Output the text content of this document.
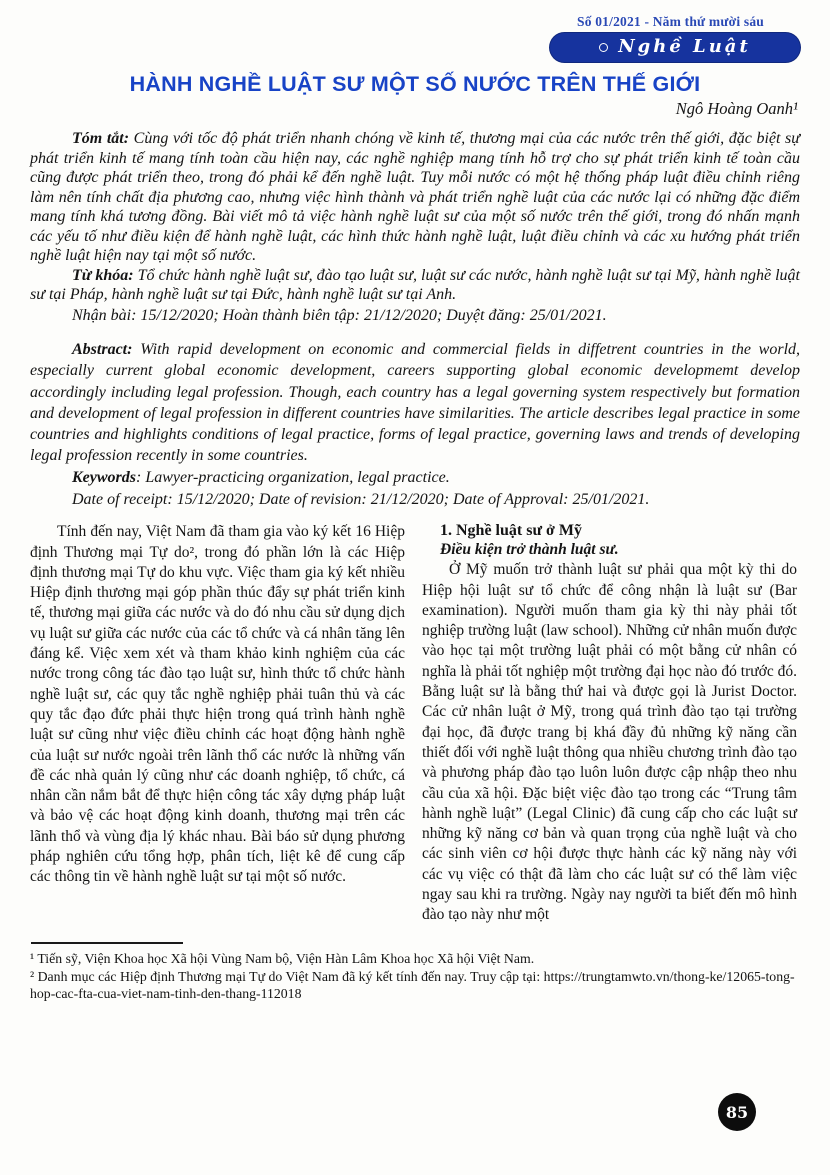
Số 01/2021 - Năm thứ mười sáu
Nghề Luật
HÀNH NGHỀ LUẬT SƯ MỘT SỐ NƯỚC TRÊN THẾ GIỚI
Ngô Hoàng Oanh¹

Tóm tắt: Cùng với tốc độ phát triển nhanh chóng về kinh tế, thương mại của các nước trên thế giới, đặc biệt sự phát triển kinh tế mang tính toàn cầu hiện nay, các nghề nghiệp mang tính hỗ trợ cho sự phát triển kinh tế toàn cầu cũng được phát triển theo, trong đó phải kể đến nghề luật. Tuy mỗi nước có một hệ thống pháp luật điều chỉnh riêng làm nên tính chất địa phương cao, nhưng việc hình thành và phát triển nghề luật của các nước lại có những đặc điểm mang tính khá tương đồng. Bài viết mô tả việc hành nghề luật sư của một số nước trên thế giới, trong đó nhấn mạnh các yếu tố như điều kiện để hành nghề luật, các hình thức hành nghề luật, luật điều chỉnh và các xu hướng phát triển nghề luật hiện nay tại một số nước.

Từ khóa: Tổ chức hành nghề luật sư, đào tạo luật sư, luật sư các nước, hành nghề luật sư tại Mỹ, hành nghề luật sư tại Pháp, hành nghề luật sư tại Đức, hành nghề luật sư tại Anh.

Nhận bài: 15/12/2020; Hoàn thành biên tập: 21/12/2020; Duyệt đăng: 25/01/2021.

Abstract: With rapid development on economic and commercial fields in diffetrent countries in the world, especially current global economic development, careers supporting global economic developmemt develop accordingly including legal profession. Though, each country has a legal governing system respectively but formation and development of legal profession in different countries have similarities. The article describes legal practice in some countries and highlights conditions of legal practice, forms of legal practice, governing laws and trends of developing legal profession recently in some countries.

Keywords: Lawyer-practicing organization, legal practice.

Date of receipt: 15/12/2020; Date of revision: 21/12/2020; Date of Approval: 25/01/2021.

Tính đến nay, Việt Nam đã tham gia vào ký kết 16 Hiệp định Thương mại Tự do², trong đó phần lớn là các Hiệp định thương mại Tự do khu vực. Việc tham gia ký kết nhiều Hiệp định thương mại góp phần thúc đẩy sự phát triển kinh tế, thương mại giữa các nước và do đó nhu cầu sử dụng dịch vụ luật sư giữa các nước của các tổ chức và cá nhân tăng lên đáng kể. Việc xem xét và tham khảo kinh nghiệm của các nước trong công tác đào tạo luật sư, hình thức tổ chức hành nghề luật sư, các quy tắc nghề nghiệp phải tuân thủ và các quy tắc đạo đức phải thực hiện trong quá trình hành nghề luật sư cũng như việc điều chỉnh các hoạt động hành nghề của luật sư nước ngoài trên lãnh thổ các nước là những vấn đề các nhà quản lý cũng như các doanh nghiệp, tổ chức, cá nhân cần nắm bắt để thực hiện công tác xây dựng pháp luật và bảo vệ các hoạt động kinh doanh, thương mại trên các lãnh thổ và vùng địa lý khác nhau. Bài báo sử dụng phương pháp nghiên cứu tổng hợp, phân tích, liệt kê để cung cấp các thông tin về hành nghề luật sư tại một số nước.

1. Nghề luật sư ở Mỹ

Điều kiện trở thành luật sư.

Ở Mỹ muốn trở thành luật sư phải qua một kỳ thi do Hiệp hội luật sư tổ chức để công nhận là luật sư (Bar examination). Người muốn tham gia kỳ thi này phải tốt nghiệp trường luật (law school). Những cử nhân muốn được vào học tại một trường luật phải có một bằng cử nhân có nghĩa là phải tốt nghiệp một trường đại học nào đó trước đó. Bằng luật sư là bằng thứ hai và được gọi là Jurist Doctor. Các cử nhân luật ở Mỹ, trong quá trình đào tạo tại trường đại học, đã được trang bị khá đầy đủ những kỹ năng cần thiết đối với nghề luật thông qua nhiều chương trình đào tạo và phương pháp đào tạo luôn luôn được cập nhập theo nhu cầu của xã hội. Đặc biệt việc đào tạo trong các “Trung tâm hành nghề luật” (Legal Clinic) đã cung cấp cho các luật sư những kỹ năng cơ bản và quan trọng của nghề luật và cho các sinh viên cơ hội được thực hành các kỹ năng này với các vụ việc có thật đã làm cho các luật sư có thể làm việc ngay sau khi ra trường. Ngày nay người ta biết đến mô hình đào tạo này như một

¹ Tiến sỹ, Viện Khoa học Xã hội Vùng Nam bộ, Viện Hàn Lâm Khoa học Xã hội Việt Nam.

² Danh mục các Hiệp định Thương mại Tự do Việt Nam đã ký kết tính đến nay. Truy cập tại: https://trungtamwto.vn/thong-ke/12065-tong-hop-cac-fta-cua-viet-nam-tinh-den-thang-112018

85
